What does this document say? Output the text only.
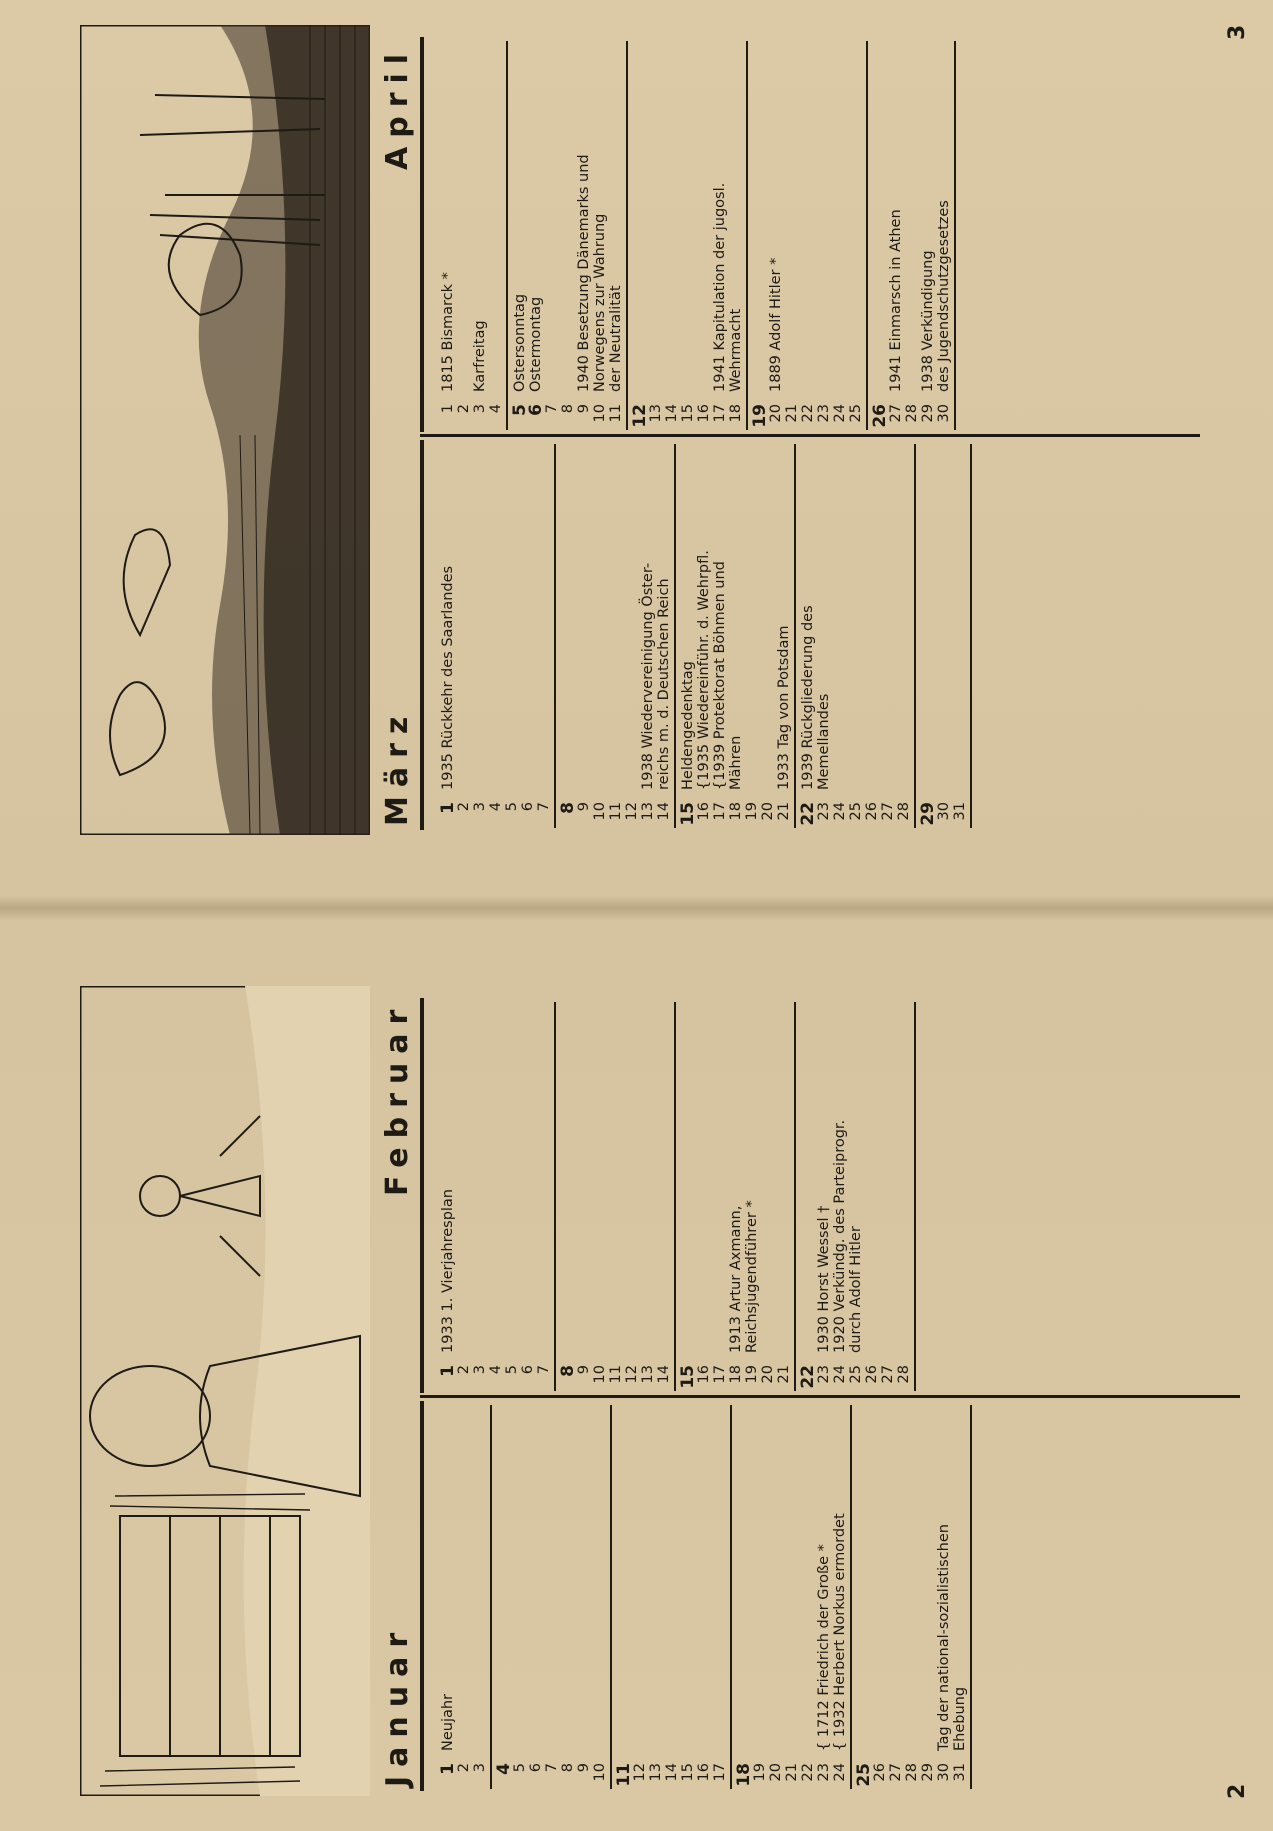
März
April
3
1
1935 Rückkehr des Saarlandes
2 3 4 5 6 7 8
9 10 11 12 13
1938 Wiedervereinigung Öster-
14
reichs m. d. Deutschen Reich
15
Heldengedenktag
16
{1935 Wiedereinführ. d. Wehrpfl.
17
{1939 Protektorat Böhmen und
18
Mähren
19 20 21
1933 Tag von Potsdam
22
1939 Rückgliederung des
23
Memellandes
24 25 26 27 28 29
30 31
1
1815 Bismarck *
2 3
Karfreitag
4 5
Ostersonntag
6
Ostermontag
7 8 9
1940 Besetzung Dänemarks und
10
Norwegens zur Wahrung
11
der Neutralität
12
13 14 15 16 17
1941 Kapitulation der jugosl.
18
Wehrmacht
19
20
1889 Adolf Hitler *
21 22 23 24 25 26
27
1941 Einmarsch in Athen
28 29
1938 Verkündigung
30
des Jugendschutzgesetzes
Januar
Februar
2
1
Neujahr
2 3 4
5 6 7 8 9 10 11
12 13 14 15 16 17 18
19 20 21 22 23
{ 1712 Friedrich der Große *
24
{ 1932 Herbert Norkus ermordet
25
26 27 28 29 30
Tag der national-sozialistischen
31
Ehebung
1
1933 1. Vierjahresplan
2 3 4 5 6 7 8
9 10 11 12 13 14 15
16 17 18
1913 Artur Axmann,
19
Reichsjugendführer *
20 21 22
23
1930 Horst Wessel †
24
1920 Verkündg. des Parteiprogr.
25
durch Adolf Hitler
26 27 28
